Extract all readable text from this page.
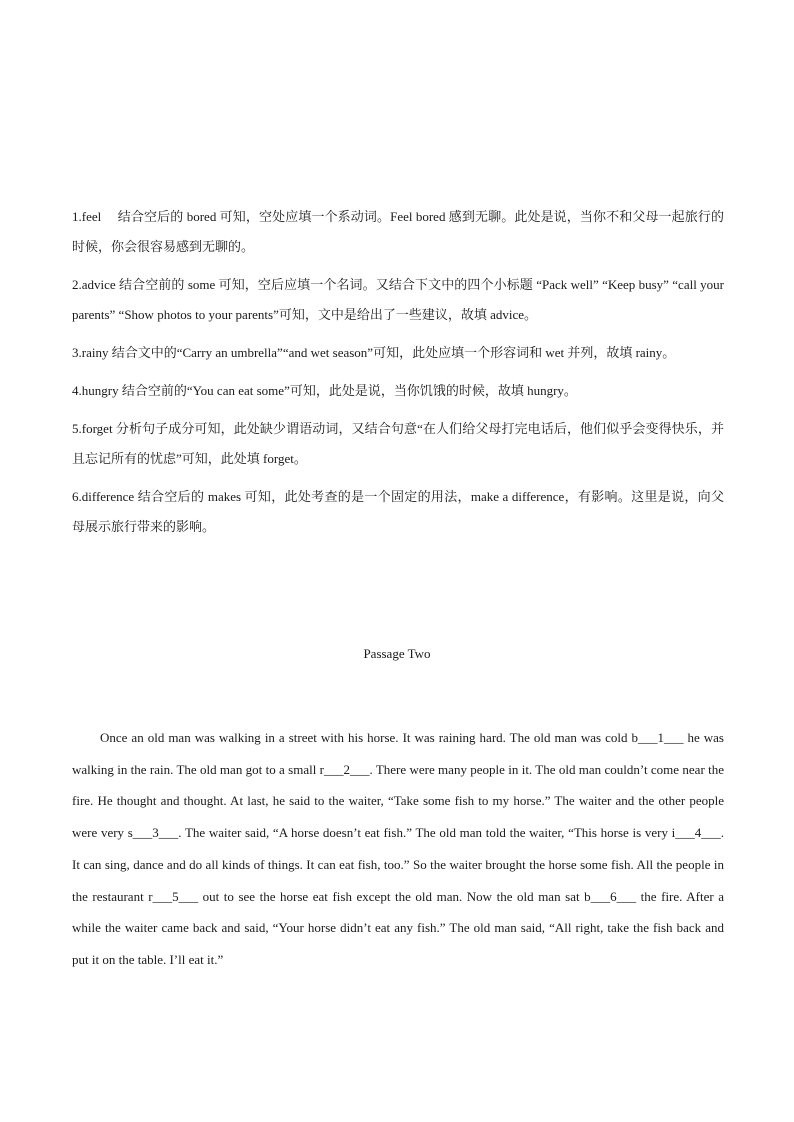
1.feel　 结合空后的 bored 可知，空处应填一个系动词。Feel bored 感到无聊。此处是说，当你不和父母一起旅行的时候，你会很容易感到无聊的。

2.advice 结合空前的 some 可知，空后应填一个名词。又结合下文中的四个小标题 “Pack well” “Keep busy” “call your parents” “Show photos to your parents”可知，文中是给出了一些建议，故填 advice。

3.rainy 结合文中的“Carry an umbrella”“and wet season”可知，此处应填一个形容词和 wet 并列，故填 rainy。

4.hungry 结合空前的“You can eat some”可知，此处是说，当你饥饿的时候，故填 hungry。

5.forget 分析句子成分可知，此处缺少谓语动词，又结合句意“在人们给父母打完电话后，他们似乎会变得快乐，并且忘记所有的忧虑”可知，此处填 forget。

6.difference 结合空后的 makes 可知，此处考查的是一个固定的用法，make a difference，有影响。这里是说，向父母展示旅行带来的影响。

Passage Two

Once an old man was walking in a street with his horse. It was raining hard. The old man was cold b___1___ he was walking in the rain. The old man got to a small r___2___. There were many people in it. The old man couldn’t come near the fire. He thought and thought. At last, he said to the waiter, “Take some fish to my horse.” The waiter and the other people were very s___3___. The waiter said, “A horse doesn’t eat fish.” The old man told the waiter, “This horse is very i___4___. It can sing, dance and do all kinds of things. It can eat fish, too.” So the waiter brought the horse some fish. All the people in the restaurant r___5___ out to see the horse eat fish except the old man. Now the old man sat b___6___ the fire. After a while the waiter came back and said, “Your horse didn’t eat any fish.” The old man said, “All right, take the fish back and put it on the table. I’ll eat it.”
